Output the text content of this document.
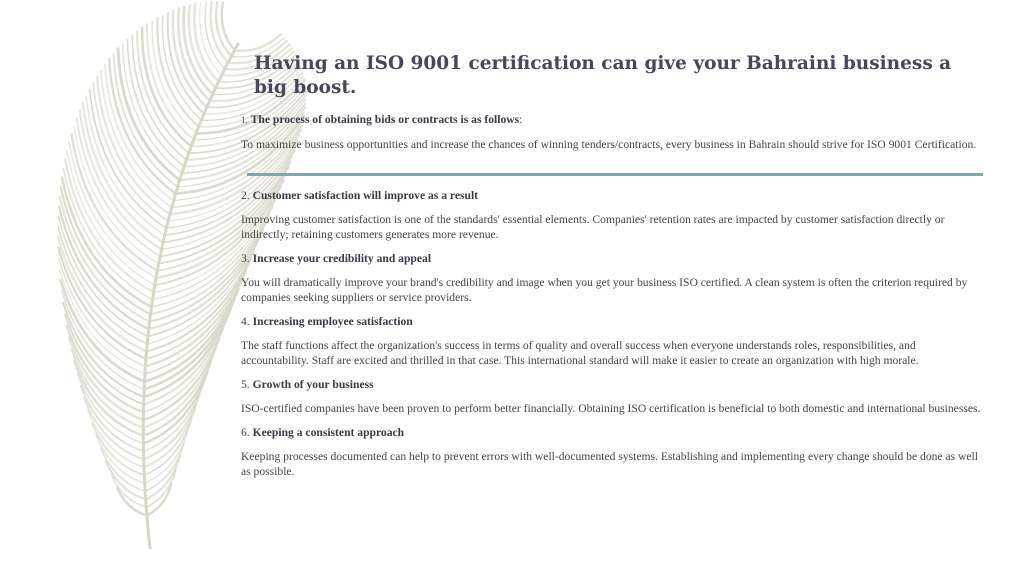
Having an ISO 9001 certification can give your Bahraini business a big boost.

1. The process of obtaining bids or contracts is as follows:

To maximize business opportunities and increase the chances of winning tenders/contracts, every business in Bahrain should strive for ISO 9001 Certification.

2. Customer satisfaction will improve as a result

Improving customer satisfaction is one of the standards' essential elements. Companies' retention rates are impacted by customer satisfaction directly or indirectly; retaining customers generates more revenue.

3. Increase your credibility and appeal

You will dramatically improve your brand's credibility and image when you get your business ISO certified. A clean system is often the criterion required by companies seeking suppliers or service providers.

4. Increasing employee satisfaction

The staff functions affect the organization's success in terms of quality and overall success when everyone understands roles, responsibilities, and accountability. Staff are excited and thrilled in that case. This international standard will make it easier to create an organization with high morale.

5. Growth of your business

ISO-certified companies have been proven to perform better financially. Obtaining ISO certification is beneficial to both domestic and international businesses.

6. Keeping a consistent approach

Keeping processes documented can help to prevent errors with well-documented systems. Establishing and implementing every change should be done as well as possible.
